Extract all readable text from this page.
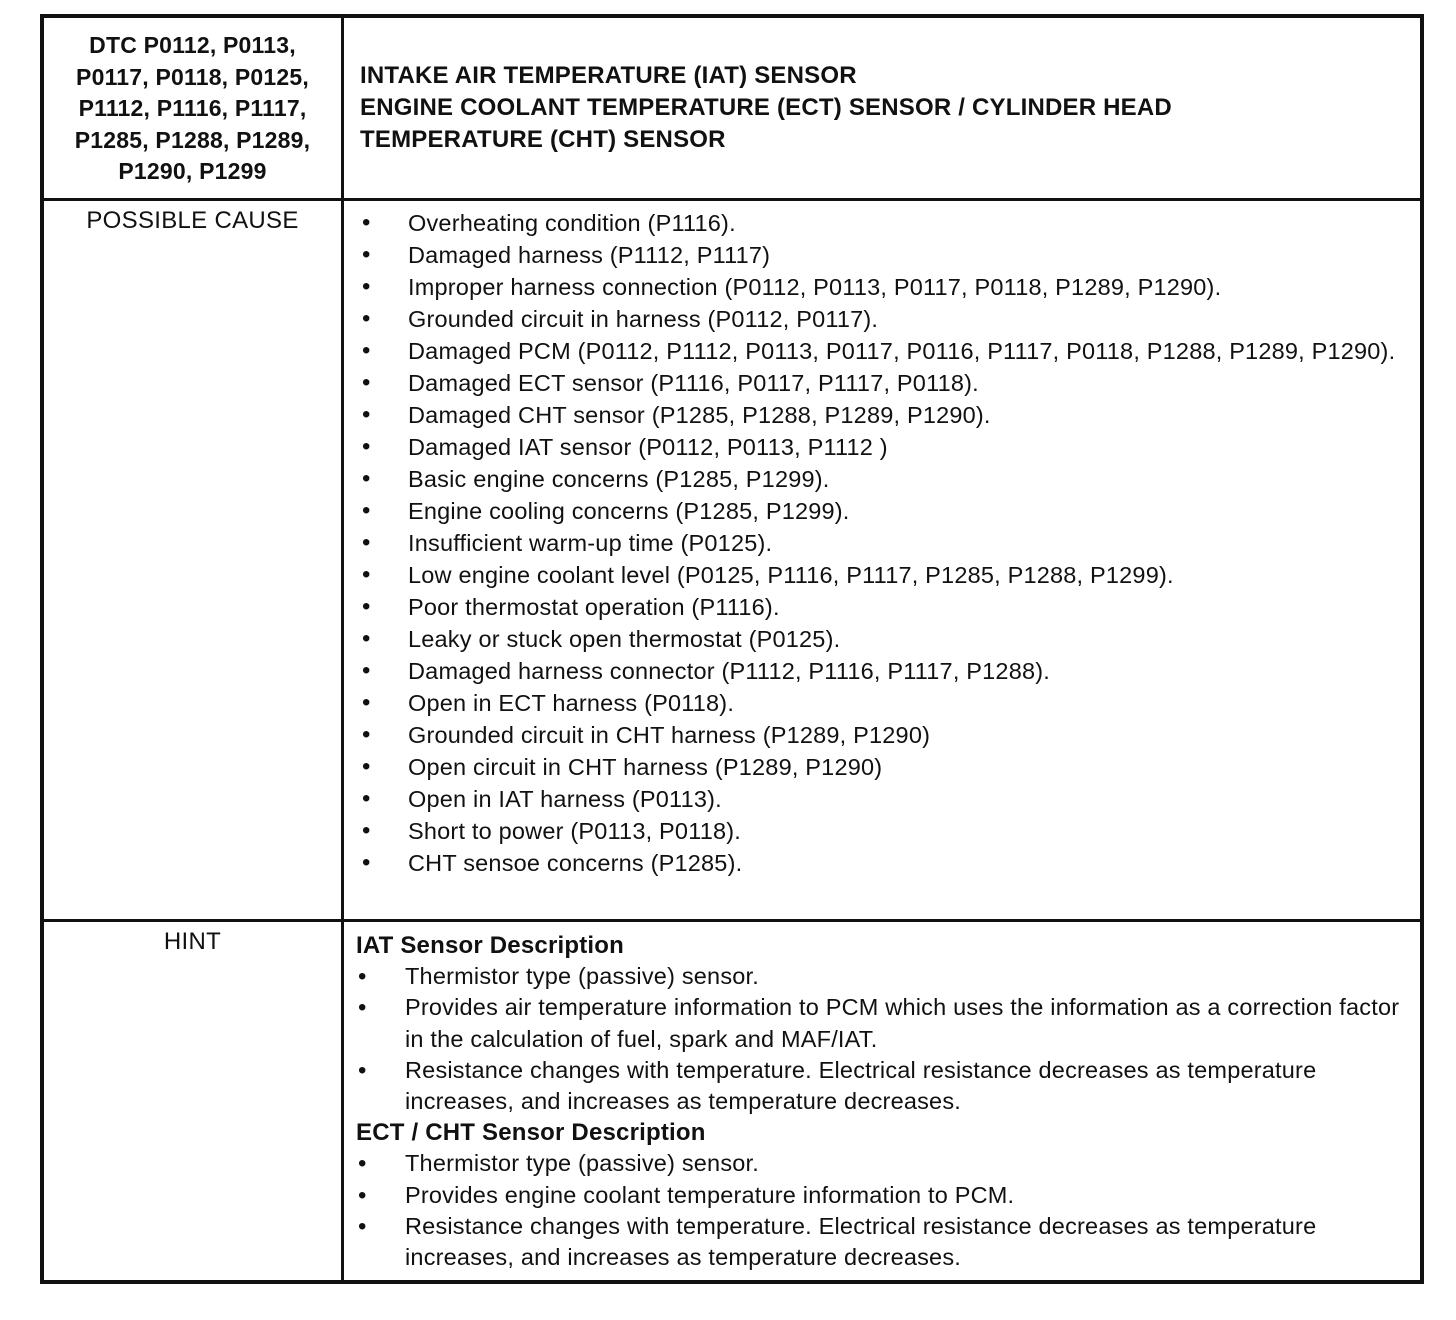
DTC P0112, P0113,
P0117, P0118, P0125,
P1112, P1116, P1117,
P1285, P1288, P1289,
P1290, P1299
INTAKE AIR TEMPERATURE (IAT) SENSOR
ENGINE COOLANT TEMPERATURE (ECT) SENSOR / CYLINDER HEAD
TEMPERATURE (CHT) SENSOR
POSSIBLE CAUSE
•	Overheating condition (P1116).
• Damaged harness (P1112, P1117)
• Improper harness connection (P0112, P0113, P0117, P0118, P1289, P1290).
• Grounded circuit in harness (P0112, P0117).
• Damaged PCM (P0112, P1112, P0113, P0117, P0116, P1117, P0118, P1288, P1289, P1290).
• Damaged ECT sensor (P1116, P0117, P1117, P0118).
• Damaged CHT sensor (P1285, P1288, P1289, P1290).
• Damaged IAT sensor (P0112, P0113, P1112 )
• Basic engine concerns (P1285, P1299).
• Engine cooling concerns (P1285, P1299).
• Insufficient warm-up time (P0125).
• Low engine coolant level (P0125, P1116, P1117, P1285, P1288, P1299).
• Poor thermostat operation (P1116).
• Leaky or stuck open thermostat (P0125).
• Damaged harness connector (P1112, P1116, P1117, P1288).
• Open in ECT harness (P0118).
• Grounded circuit in CHT harness (P1289, P1290)
• Open circuit in CHT harness (P1289, P1290)
• Open in IAT harness (P0113).
• Short to power (P0113, P0118).
• CHT sensoe concerns (P1285).
HINT	IAT Sensor Description
• Thermistor type (passive) sensor.
• Provides air temperature information to PCM which uses the information as a correction factor in the calculation of fuel, spark and MAF/IAT.
• Resistance changes with temperature. Electrical resistance decreases as temperature increases, and increases as temperature decreases.
ECT / CHT Sensor Description
• Thermistor type (passive) sensor.
• Provides engine coolant temperature information to PCM.
• Resistance changes with temperature. Electrical resistance decreases as temperature increases, and increases as temperature decreases.
